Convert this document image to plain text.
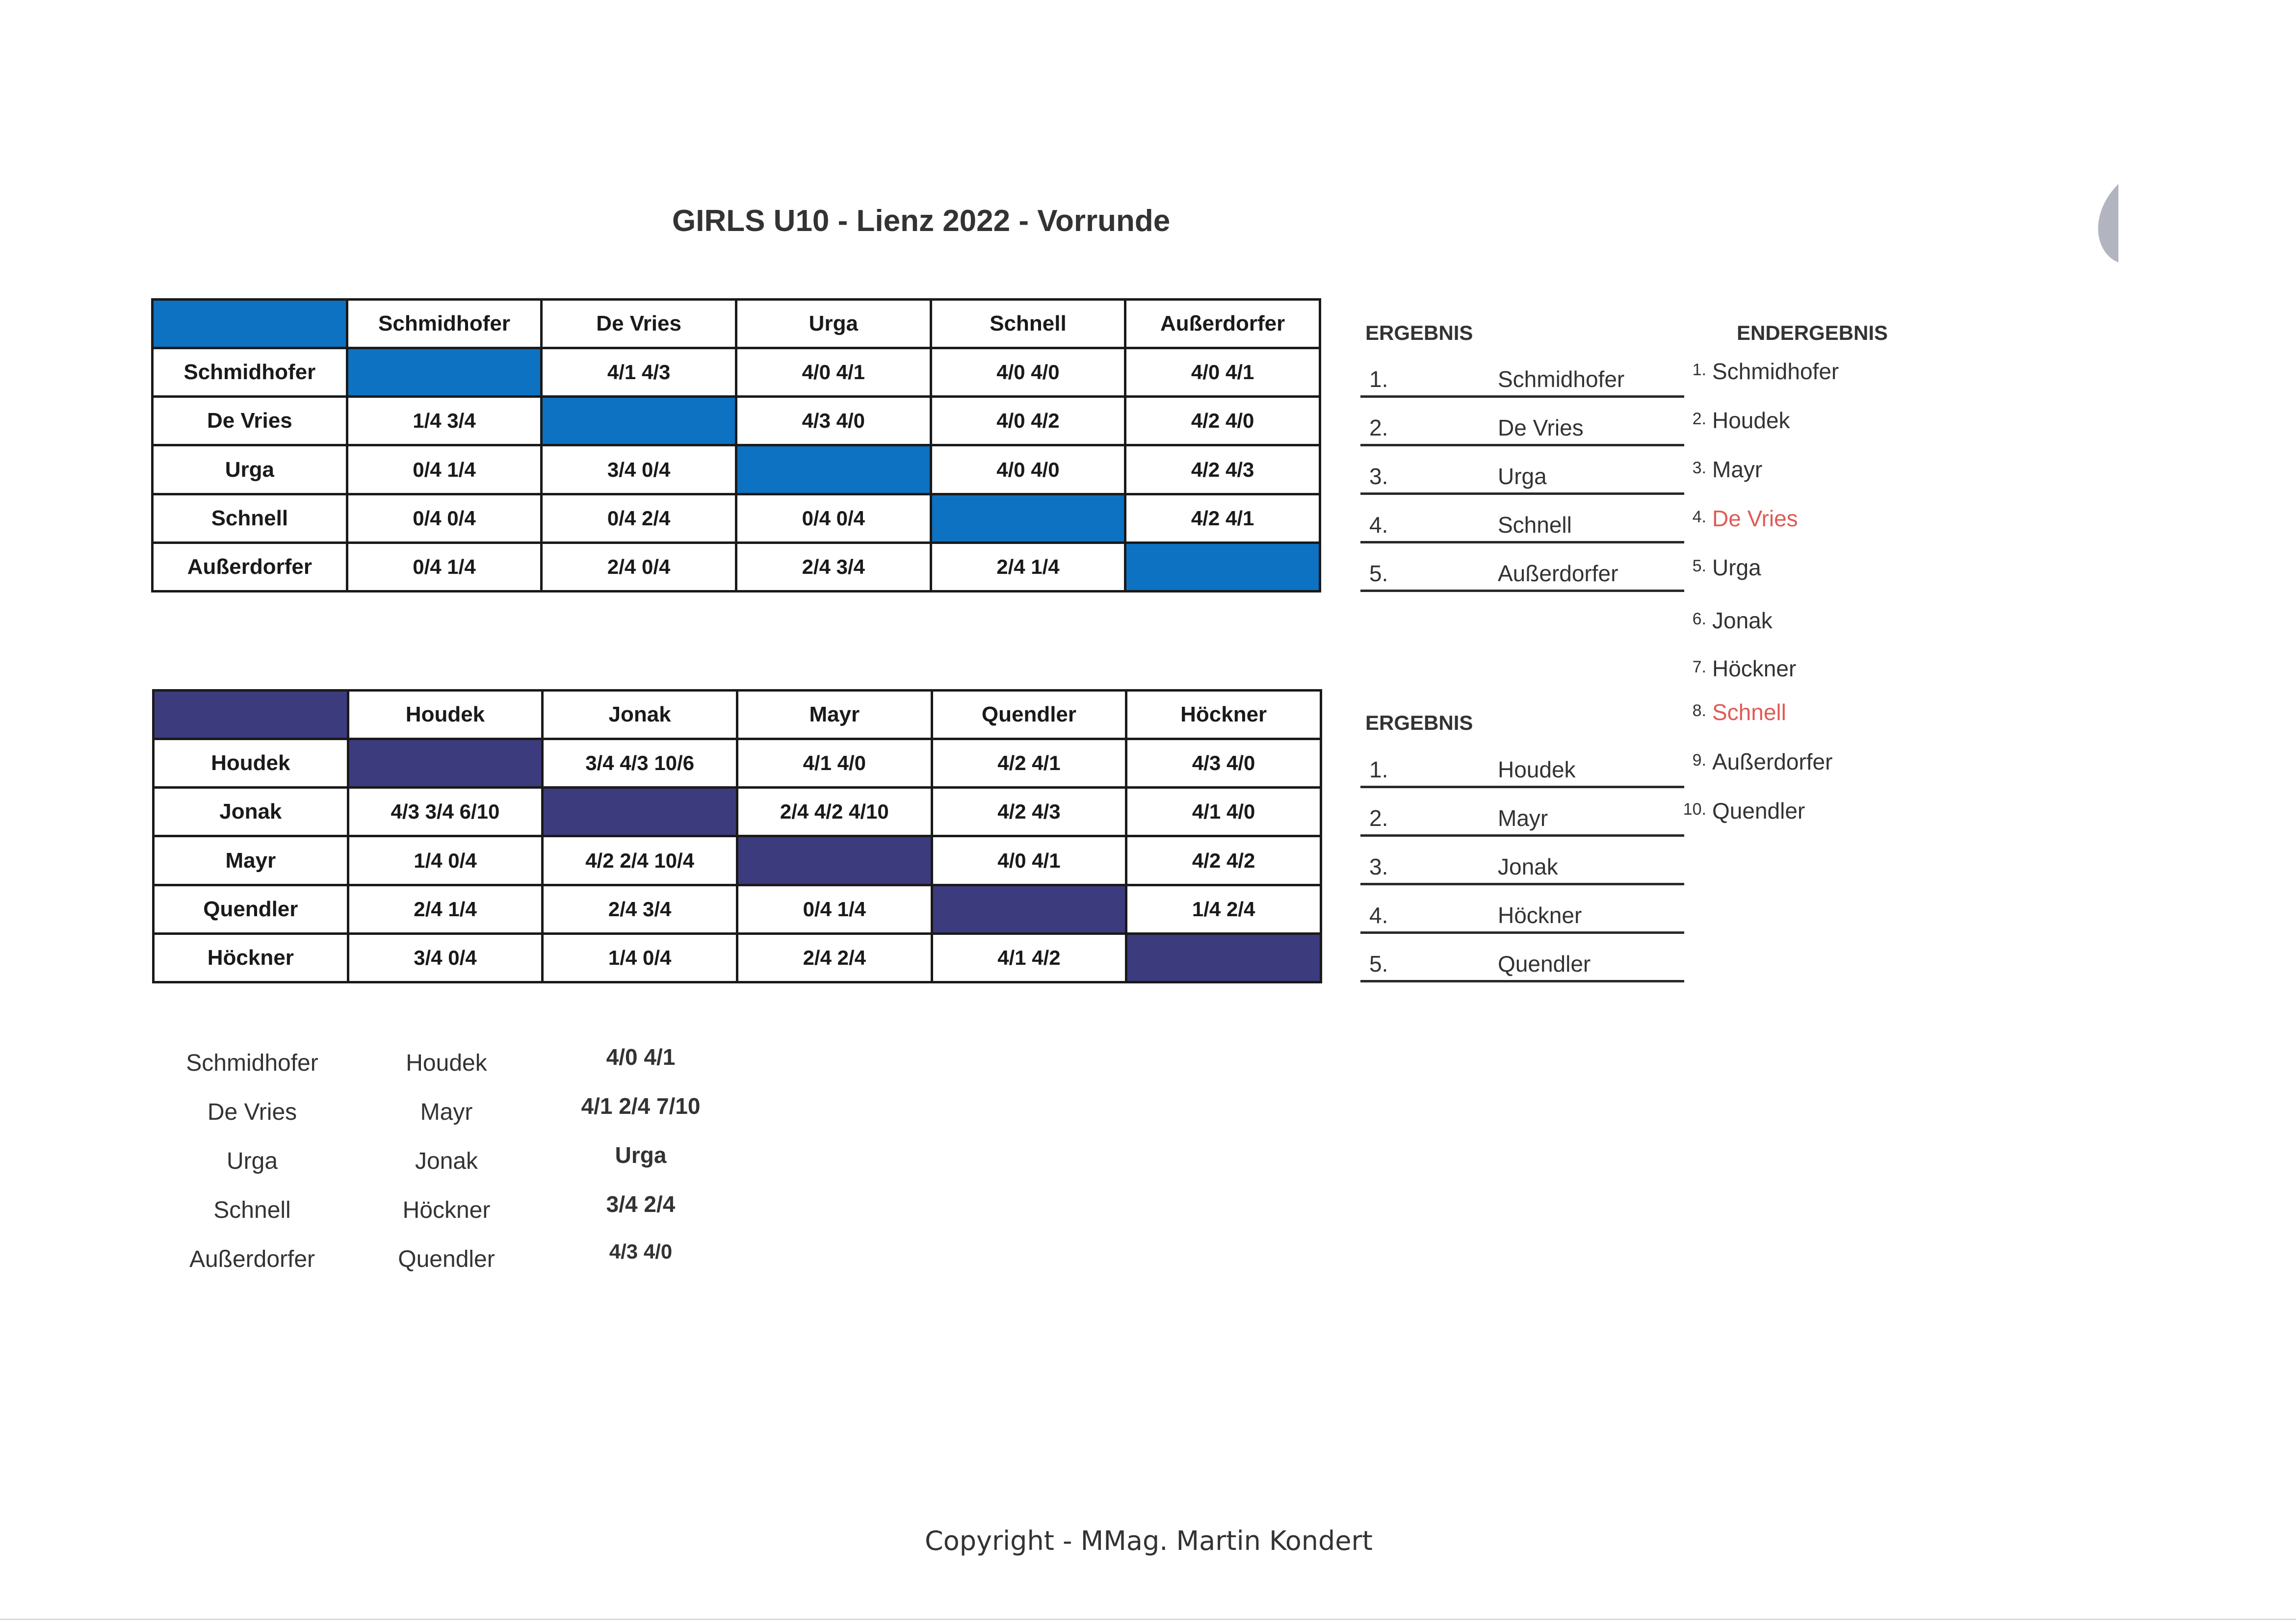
GIRLS U10 - Lienz 2022 - Vorrunde
	Schmidhofer	De Vries	Urga	Schnell	Außerdorfer
Schmidhofer		4/1 4/3	4/0 4/1	4/0 4/0	4/0 4/1
De Vries	1/4 3/4		4/3 4/0	4/0 4/2	4/2 4/0
Urga	0/4 1/4	3/4 0/4		4/0 4/0	4/2 4/3
Schnell	0/4 0/4	0/4 2/4	0/4 0/4		4/2 4/1
Außerdorfer	0/4 1/4	2/4 0/4	2/4 3/4	2/4 1/4	
ERGEBNIS
1.	Schmidhofer
2.	De Vries
3.	Urga
4.	Schnell
5.	Außerdorfer
	Houdek	Jonak	Mayr	Quendler	Höckner
Houdek		3/4 4/3 10/6	4/1 4/0	4/2 4/1	4/3 4/0
Jonak	4/3 3/4 6/10		2/4 4/2 4/10	4/2 4/3	4/1 4/0
Mayr	1/4 0/4	4/2 2/4 10/4		4/0 4/1	4/2 4/2
Quendler	2/4 1/4	2/4 3/4	0/4 1/4		1/4 2/4
Höckner	3/4 0/4	1/4 0/4	2/4 2/4	4/1 4/2	
ERGEBNIS
1.	Houdek
2.	Mayr
3.	Jonak
4.	Höckner
5.	Quendler
ENDERGEBNIS
1. Schmidhofer
2. Houdek
3. Mayr
4. De Vries
5. Urga
6. Jonak
7. Höckner
8. Schnell
9. Außerdorfer
10. Quendler
Schmidhofer	Houdek	4/0 4/1
De Vries	Mayr	4/1 2/4 7/10
Urga	Jonak	Urga
Schnell	Höckner	3/4 2/4
Außerdorfer	Quendler	4/3 4/0
Copyright - MMag. Martin Kondert
